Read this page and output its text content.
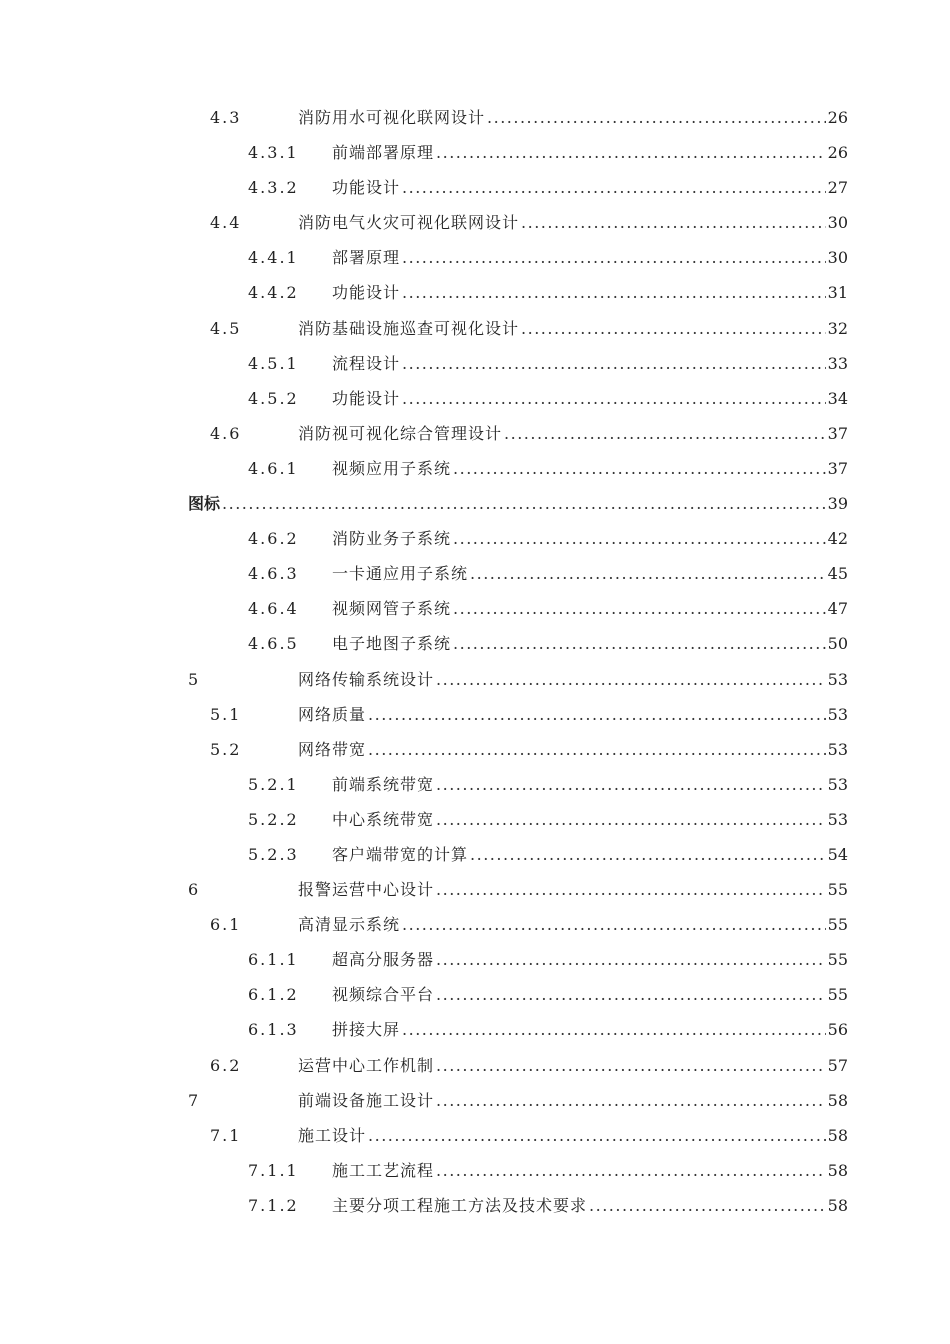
4.3	消防用水可视化联网设计 .....	26
4.3.1 前端部署原理 .....	26
4.3.2 功能设计 .....	27
4.4	消防电气火灾可视化联网设计 .....	30
4.4.1 部署原理 .....	30
4.4.2 功能设计 .....	31
4.5	消防基础设施巡查可视化设计 .....	32
4.5.1 流程设计 .....	33
4.5.2 功能设计 .....	34
4.6	消防视可视化综合管理设计 .....	37
4.6.1 视频应用子系统 .....	37
图标 .....	39
4.6.2 消防业务子系统 .....	42
4.6.3 一卡通应用子系统 .....	45
4.6.4 视频网管子系统 .....	47
4.6.5 电子地图子系统 .....	50
5	网络传输系统设计 .....	53
5.1	网络质量 .....	53
5.2	网络带宽 .....	53
5.2.1 前端系统带宽 .....	53
5.2.2 中心系统带宽 .....	53
5.2.3 客户端带宽的计算 .....	54
6	报警运营中心设计 .....	55
6.1	高清显示系统 .....	55
6.1.1 超高分服务器 .....	55
6.1.2 视频综合平台 .....	55
6.1.3 拼接大屏 .....	56
6.2	运营中心工作机制 .....	57
7	前端设备施工设计 .....	58
7.1	施工设计 .....	58
7.1.1 施工工艺流程 .....	58
7.1.2 主要分项工程施工方法及技术要求 .....	58
